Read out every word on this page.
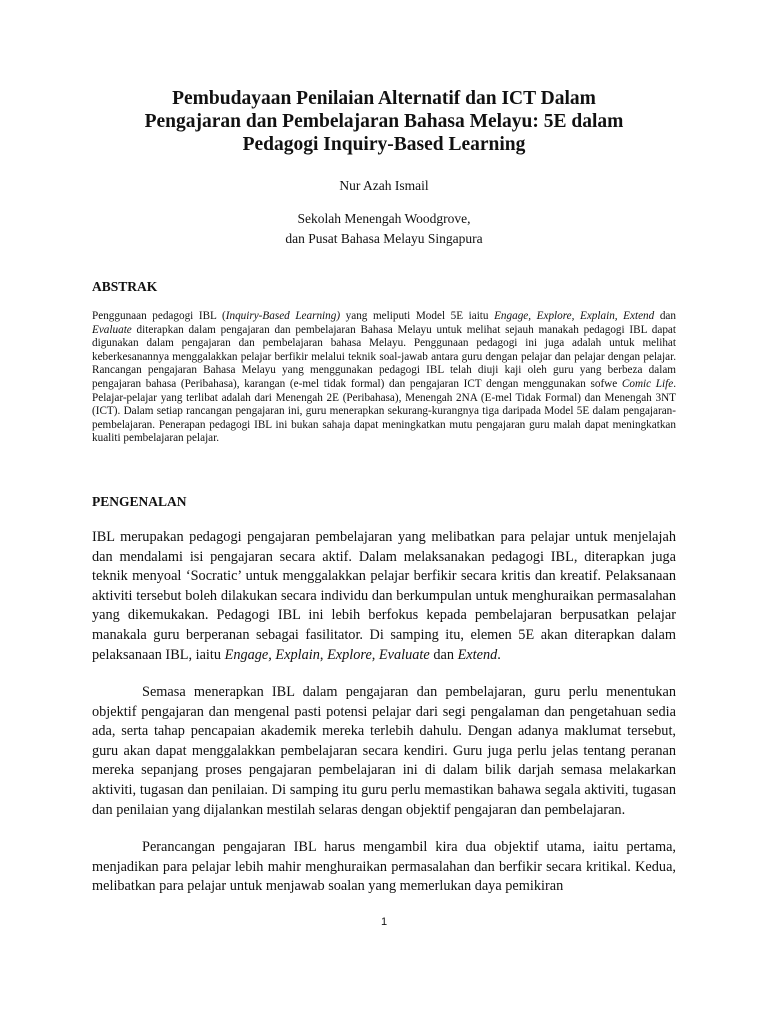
Pembudayaan Penilaian Alternatif dan ICT Dalam
Pengajaran dan Pembelajaran Bahasa Melayu: 5E dalam
Pedagogi Inquiry-Based Learning
Nur Azah Ismail
Sekolah Menengah Woodgrove,
dan Pusat Bahasa Melayu Singapura
ABSTRAK

Penggunaan pedagogi IBL (Inquiry-Based Learning) yang meliputi Model 5E iaitu Engage, Explore, Explain, Extend dan Evaluate diterapkan dalam pengajaran dan pembelajaran Bahasa Melayu untuk melihat sejauh manakah pedagogi IBL dapat digunakan dalam pengajaran dan pembelajaran bahasa Melayu. Penggunaan pedagogi ini juga adalah untuk melihat keberkesanannya menggalakkan pelajar berfikir melalui teknik soal-jawab antara guru dengan pelajar dan pelajar dengan pelajar. Rancangan pengajaran Bahasa Melayu yang menggunakan pedagogi IBL telah diuji kaji oleh guru yang berbeza dalam pengajaran bahasa (Peribahasa), karangan (e-mel tidak formal) dan pengajaran ICT dengan menggunakan sofwe Comic Life. Pelajar-pelajar yang terlibat adalah dari Menengah 2E (Peribahasa), Menengah 2NA (E-mel Tidak Formal) dan Menengah 3NT (ICT). Dalam setiap rancangan pengajaran ini, guru menerapkan sekurang-kurangnya tiga daripada Model 5E dalam pengajaran-pembelajaran. Penerapan pedagogi IBL ini bukan sahaja dapat meningkatkan mutu pengajaran guru malah dapat meningkatkan kualiti pembelajaran pelajar.

PENGENALAN

IBL merupakan pedagogi pengajaran pembelajaran yang melibatkan para pelajar untuk menjelajah dan mendalami isi pengajaran secara aktif. Dalam melaksanakan pedagogi IBL, diterapkan juga teknik menyoal ‘Socratic’ untuk menggalakkan pelajar berfikir secara kritis dan kreatif. Pelaksanaan aktiviti tersebut boleh dilakukan secara individu dan berkumpulan untuk menghuraikan permasalahan yang dikemukakan. Pedagogi IBL ini lebih berfokus kepada pembelajaran berpusatkan pelajar manakala guru berperanan sebagai fasilitator. Di samping itu, elemen 5E akan diterapkan dalam pelaksanaan IBL, iaitu Engage, Explain, Explore, Evaluate dan Extend.

Semasa menerapkan IBL dalam pengajaran dan pembelajaran, guru perlu menentukan objektif pengajaran dan mengenal pasti potensi pelajar dari segi pengalaman dan pengetahuan sedia ada, serta tahap pencapaian akademik mereka terlebih dahulu. Dengan adanya maklumat tersebut, guru akan dapat menggalakkan pembelajaran secara kendiri. Guru juga perlu jelas tentang peranan mereka sepanjang proses pengajaran pembelajaran ini di dalam bilik darjah semasa melakarkan aktiviti, tugasan dan penilaian. Di samping itu guru perlu memastikan bahawa segala aktiviti, tugasan dan penilaian yang dijalankan mestilah selaras dengan objektif pengajaran dan pembelajaran.

Perancangan pengajaran IBL harus mengambil kira dua objektif utama, iaitu pertama, menjadikan para pelajar lebih mahir menghuraikan permasalahan dan berfikir secara kritikal. Kedua, melibatkan para pelajar untuk menjawab soalan yang memerlukan daya pemikiran

1
